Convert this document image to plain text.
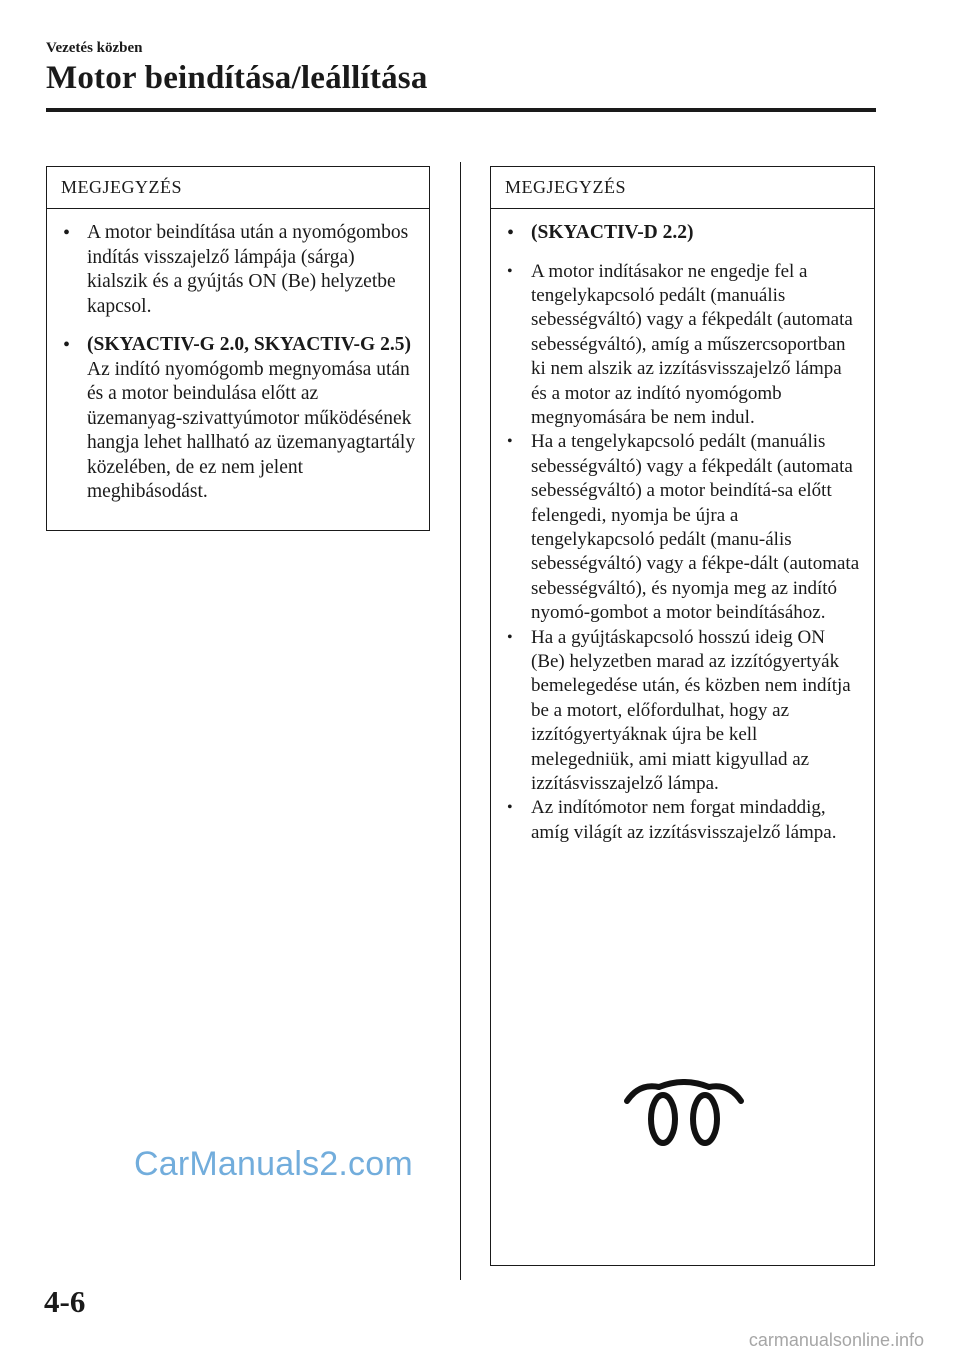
Vezetés közben
Motor beindítása/leállítása
MEGJEGYZÉS
• A motor beindítása után a nyomógombos indítás visszajelző lámpája (sárga) kialszik és a gyújtás ON (Be) helyzetbe kapcsol.
• (SKYACTIV-G 2.0, SKYACTIV-G 2.5)
Az indító nyomógomb megnyomása után és a motor beindulása előtt az üzemanyag-szivattyúmotor működésének hangja lehet hallható az üzemanyagtartály közelében, de ez nem jelent meghibásodást.
MEGJEGYZÉS
• (SKYACTIV-D 2.2)
• A motor indításakor ne engedje fel a tengelykapcsoló pedált (manuális sebességváltó) vagy a fékpedált (automata sebességváltó), amíg a műszercsoportban ki nem alszik az izzításvisszajelző lámpa és a motor az indító nyomógomb megnyomására be nem indul.
• Ha a tengelykapcsoló pedált (manuális sebességváltó) vagy a fékpedált (automata sebességváltó) a motor beindítá-sa előtt felengedi, nyomja be újra a tengelykapcsoló pedált (manu-ális sebességváltó) vagy a fékpe-dált (automata sebességváltó), és nyomja meg az indító nyomó-gombot a motor beindításához.
• Ha a gyújtáskapcsoló hosszú ideig ON (Be) helyzetben marad az izzítógyertyák bemelegedése után, és közben nem indítja be a motort, előfordulhat, hogy az izzítógyertyáknak újra be kell melegedniük, ami miatt kigyullad az izzításvisszajelző lámpa.
• Az indítómotor nem forgat mindaddig, amíg világít az izzításvisszajelző lámpa.
CarManuals2.com
4-6
carmanualsonline.info
